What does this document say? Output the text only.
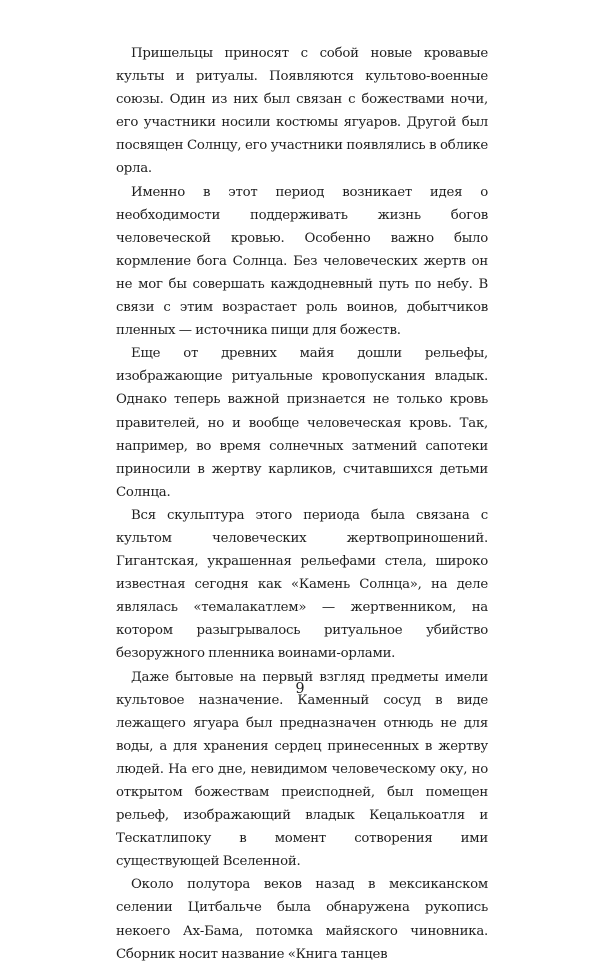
Пришельцы приносят с собой новые кровавые культы и ритуалы. Появляются культово-военные союзы. Один из них был связан с божествами ночи, его участники носили костюмы ягуаров. Другой был посвящен Солнцу, его участники появлялись в облике орла.

Именно в этот период возникает идея о необходимости поддерживать жизнь богов человеческой кровью. Особенно важно было кормление бога Солнца. Без человеческих жертв он не мог бы совершать каждодневный путь по небу. В связи с этим возрастает роль воинов, добытчиков пленных — источника пищи для божеств.

Еще от древних майя дошли рельефы, изображающие ритуальные кровопускания владык. Однако теперь важной признается не только кровь правителей, но и вообще человеческая кровь. Так, например, во время солнечных затмений сапотеки приносили в жертву карликов, считавшихся детьми Солнца.

Вся скульптура этого периода была связана с культом человеческих жертвоприношений. Гигантская, украшенная рельефами стела, широко известная сегодня как «Камень Солнца», на деле являлась «темалакатлем» — жертвенником, на котором разыгрывалось ритуальное убийство безоружного пленника воинами-орлами.

Даже бытовые на первый взгляд предметы имели культовое назначение. Каменный сосуд в виде лежащего ягуара был предназначен отнюдь не для воды, а для хранения сердец принесенных в жертву людей. На его дне, невидимом человеческому оку, но открытом божествам преисподней, был помещен рельеф, изображающий владык Кецалькоатля и Тескатлипоку в момент сотворения ими существующей Вселенной.

Около полутора веков назад в мексиканском селении Цитбальче была обнаружена рукопись некоего Ах-Бама, потомка майяского чиновника. Сборник носит название «Книга танцев

9
